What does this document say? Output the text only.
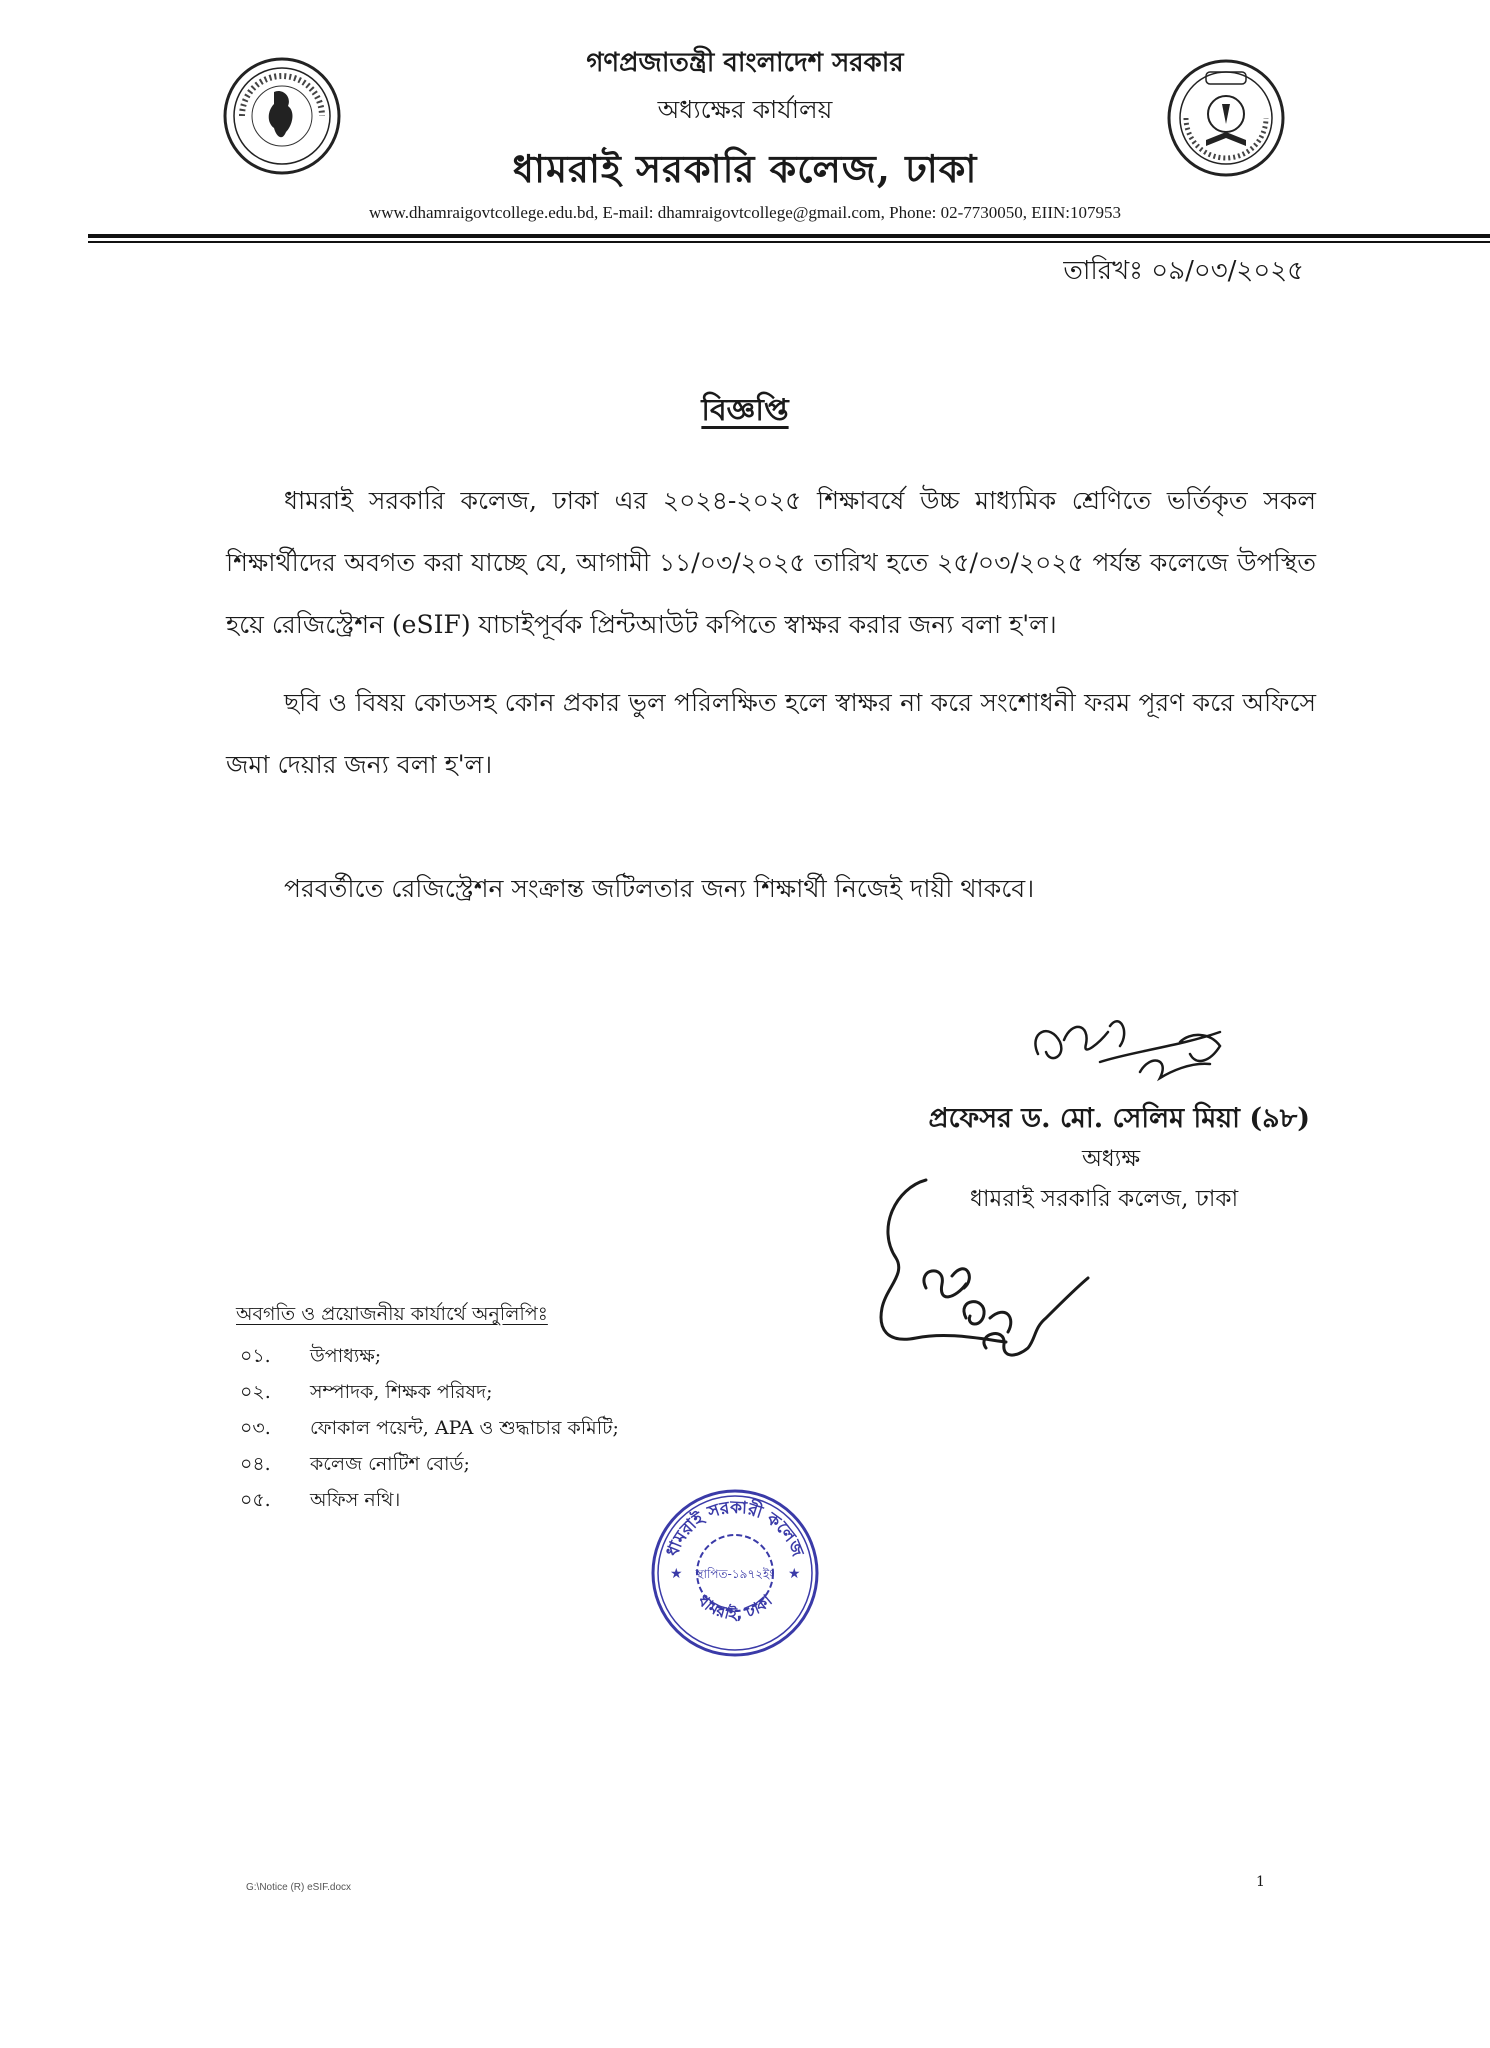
গণপ্রজাতন্ত্রী বাংলাদেশ সরকার
অধ্যক্ষের কার্যালয়
ধামরাই সরকারি কলেজ, ঢাকা
www.dhamraigovtcollege.edu.bd, E-mail: dhamraigovtcollege@gmail.com, Phone: 02-7730050, EIIN:107953
তারিখঃ ০৯/০৩/২০২৫
বিজ্ঞপ্তি
ধামরাই সরকারি কলেজ, ঢাকা এর ২০২৪-২০২৫ শিক্ষাবর্ষে উচ্চ মাধ্যমিক শ্রেণিতে ভর্তিকৃত সকল শিক্ষার্থীদের অবগত করা যাচ্ছে যে, আগামী ১১/০৩/২০২৫ তারিখ হতে ২৫/০৩/২০২৫ পর্যন্ত কলেজে উপস্থিত হয়ে রেজিস্ট্রেশন (eSIF) যাচাইপূর্বক প্রিন্টআউট কপিতে স্বাক্ষর করার জন্য বলা হ'ল।
ছবি ও বিষয় কোডসহ কোন প্রকার ভুল পরিলক্ষিত হলে স্বাক্ষর না করে সংশোধনী ফরম পূরণ করে অফিসে জমা দেয়ার জন্য বলা হ'ল।
পরবর্তীতে রেজিস্ট্রেশন সংক্রান্ত জটিলতার জন্য শিক্ষার্থী নিজেই দায়ী থাকবে।
প্রফেসর ড. মো. সেলিম মিয়া (৯৮)
অধ্যক্ষ
ধামরাই সরকারি কলেজ, ঢাকা
অবগতি ও প্রয়োজনীয় কার্যার্থে অনুলিপিঃ
০১. উপাধ্যক্ষ;
০২. সম্পাদক, শিক্ষক পরিষদ;
০৩. ফোকাল পয়েন্ট, APA ও শুদ্ধাচার কমিটি;
০৪. কলেজ নোটিশ বোর্ড;
০৫. অফিস নথি।
ধামরাই সরকারী কলেজ
স্থাপিত-১৯৭২ইং
ধামরাই, ঢাকা
★	★
G:\Notice (R) eSIF.docx	1
